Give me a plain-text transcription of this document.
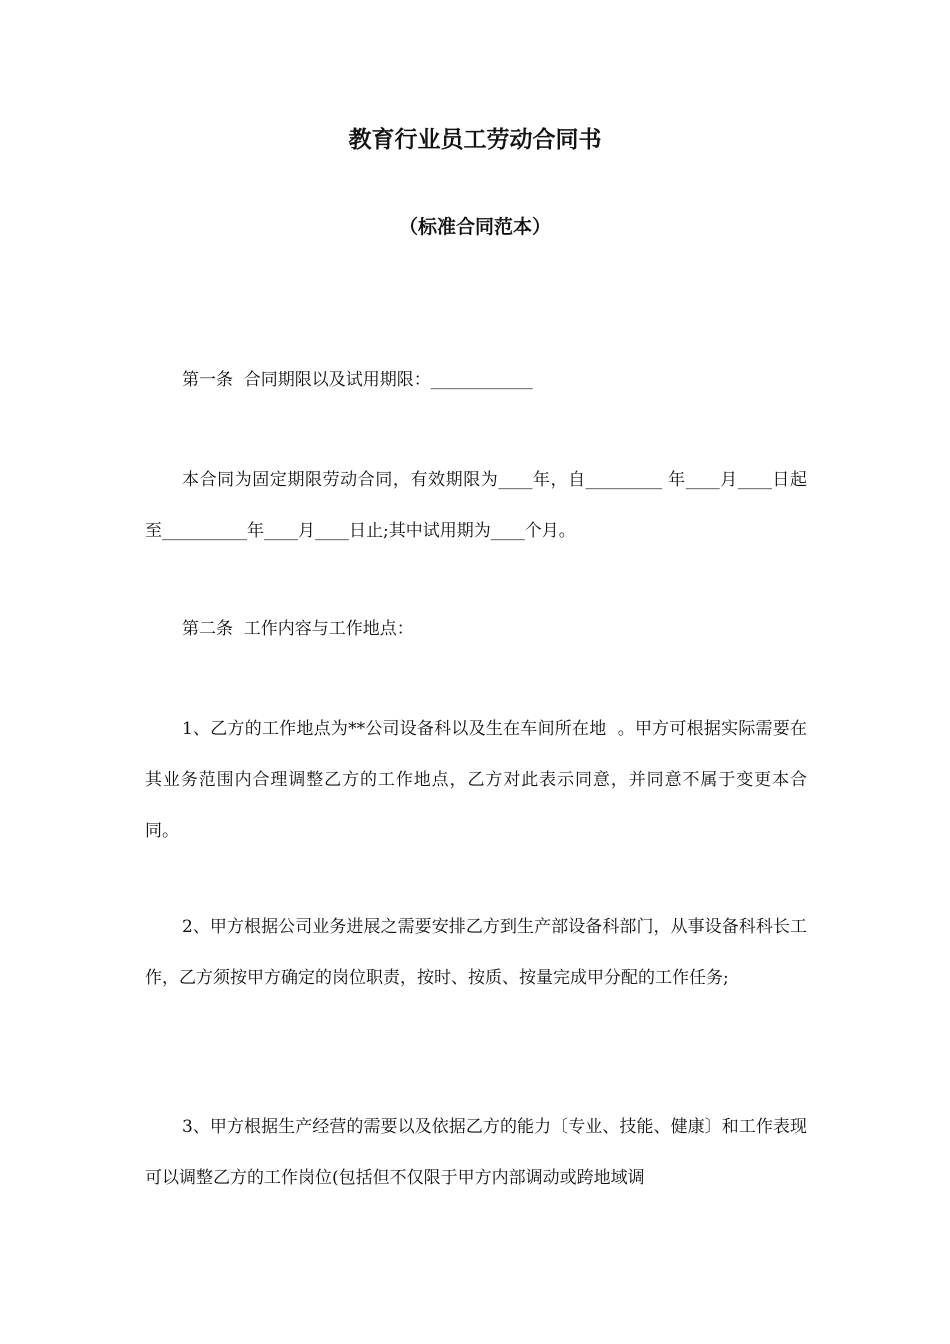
教育行业员工劳动合同书
（标准合同范本）
第一条  合同期限以及试用期限：____________
本合同为固定期限劳动合同，有效期限为____年，自_________ 年____月____日起至__________年____月____日止;其中试用期为____个月。
第二条  工作内容与工作地点：
1、乙方的工作地点为**公司设备科以及生在车间所在地  。甲方可根据实际需要在其业务范围内合理调整乙方的工作地点，乙方对此表示同意，并同意不属于变更本合同。
2、甲方根据公司业务进展之需要安排乙方到生产部设备科部门，从事设备科科长工作，乙方须按甲方确定的岗位职责，按时、按质、按量完成甲分配的工作任务;
3、甲方根据生产经营的需要以及依据乙方的能力〔专业、技能、健康〕和工作表现可以调整乙方的工作岗位(包括但不仅限于甲方内部调动或跨地域调
